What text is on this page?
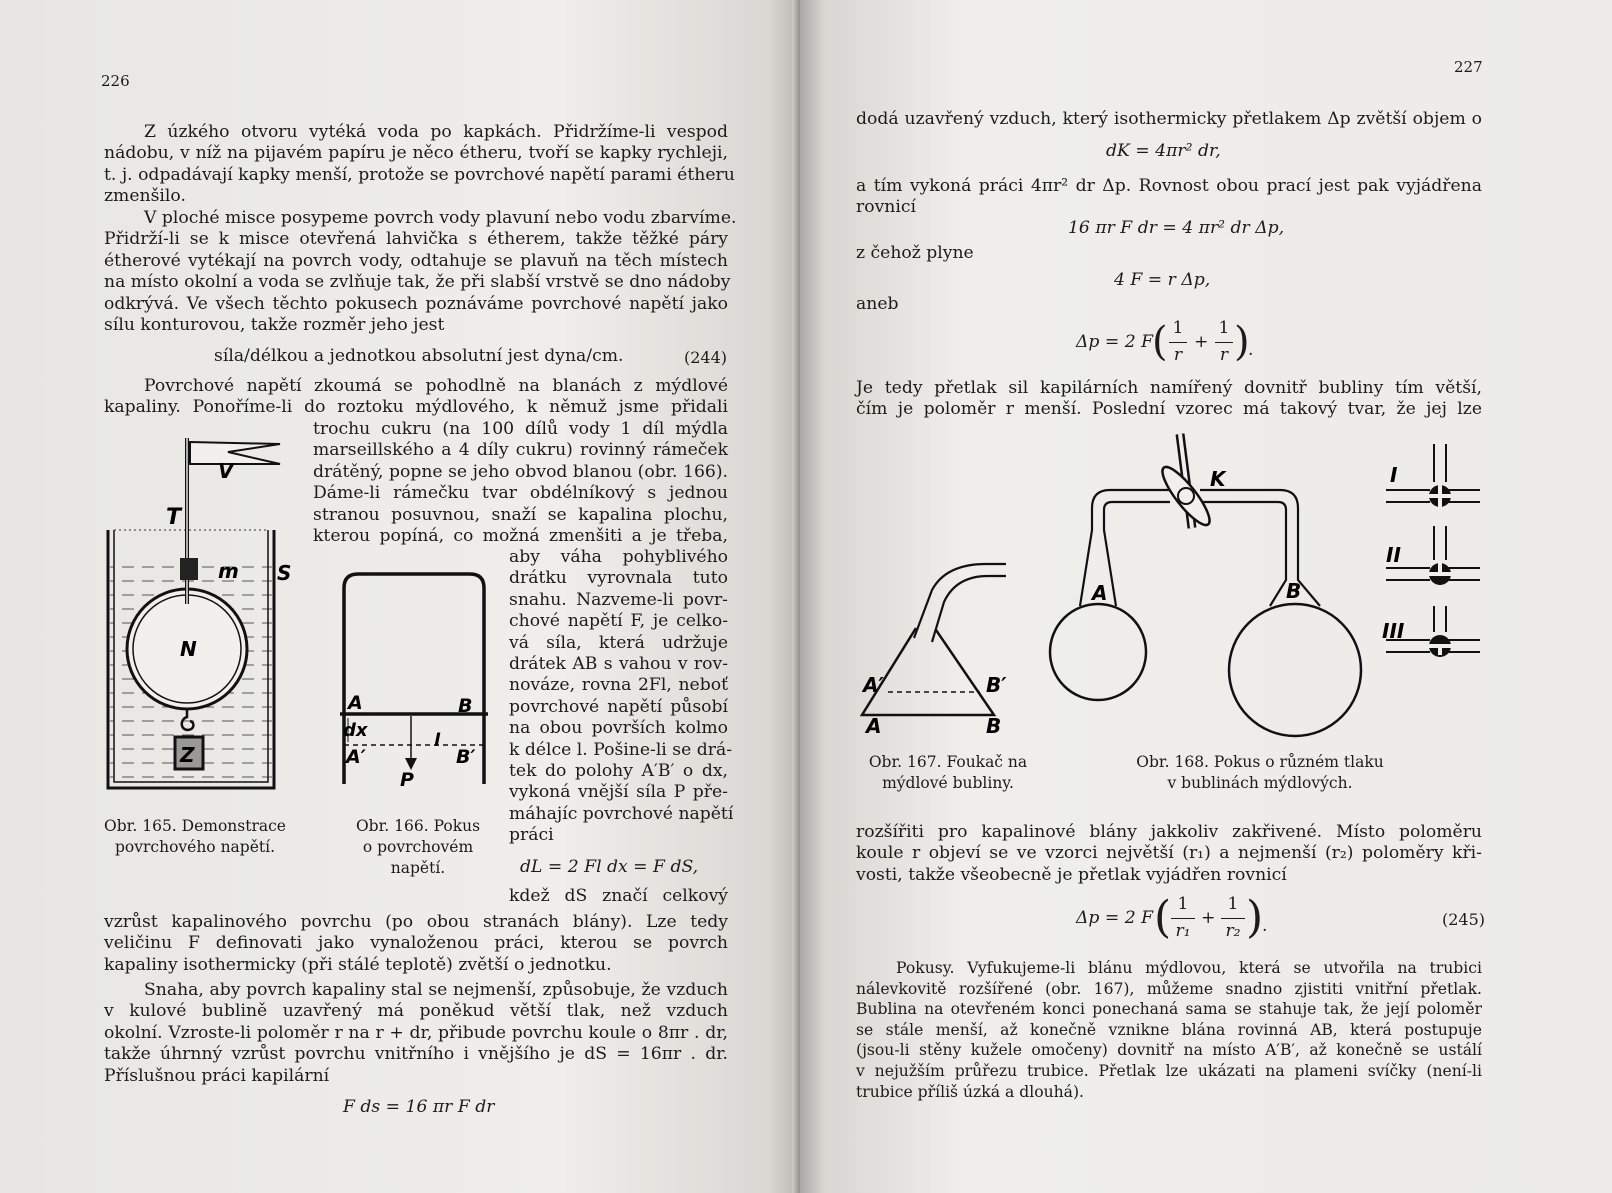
226
Z úzkého otvoru vytéká voda po kapkách. Přidržíme-li vespod
nádobu, v níž na pijavém papíru je něco étheru, tvoří se kapky rychleji,
t. j. odpadávají kapky menší, protože se povrchové napětí parami étheru
zmenšilo.
V ploché misce posypeme povrch vody plavuní nebo vodu zbarvíme.
Přidrží-li se k misce otevřená lahvička s étherem, takže těžké páry
étherové vytékají na povrch vody, odtahuje se plavuň na těch místech
na místo okolní a voda se zvlňuje tak, že při slabší vrstvě se dno nádoby
odkrývá. Ve všech těchto pokusech poznáváme povrchové napětí jako
sílu konturovou, takže rozměr jeho jest
síla/délkou a jednotkou absolutní jest dyna/cm.	(244)
Povrchové napětí zkoumá se pohodlně na blanách z mýdlové
kapaliny. Ponoříme-li do roztoku mýdlového, k němuž jsme přidali
trochu cukru (na 100 dílů vody 1 díl mýdla
marseillského a 4 díly cukru) rovinný rámeček
drátěný, popne se jeho obvod blanou (obr. 166).
Dáme-li rámečku tvar obdélníkový s jednou
stranou posuvnou, snaží se kapalina plochu,
kterou popíná, co možná zmenšiti a je třeba,
aby váha pohyblivého
drátku vyrovnala tuto
snahu. Nazveme-li povr-
chové napětí F, je celko-
vá síla, která udržuje
drátek AB s vahou v rov-
nováze, rovna 2Fl, neboť
povrchové napětí působí
na obou površích kolmo
k délce l. Pošine-li se drá-
tek do polohy A′B′ o dx,
vykoná vnější síla P pře-
máhajíc povrchové napětí
práci
dL = 2 Fl dx = F dS,
kdež dS značí celkový
vzrůst kapalinového povrchu (po obou stranách blány). Lze tedy
veličinu F definovati jako vynaloženou práci, kterou se povrch
kapaliny isothermicky (při stálé teplotě) zvětší o jednotku.
Snaha, aby povrch kapaliny stal se nejmenší, způsobuje, že vzduch
v kulové bublině uzavřený má poněkud větší tlak, než vzduch
okolní. Vzroste-li poloměr r na r + dr, přibude povrchu koule o 8πr . dr,
takže úhrnný vzrůst povrchu vnitřního i vnějšího je dS = 16πr . dr.
Příslušnou práci kapilární
F ds = 16 πr F dr
T
V
S
m
N
Z
Obr. 165. Demonstrace
povrchového napětí.
A	B
dx	l
A′	B′
P
Obr. 166. Pokus
o povrchovém
napětí.
227
dodá uzavřený vzduch, který isothermicky přetlakem Δp zvětší objem o
dK = 4πr² dr,
a tím vykoná práci 4πr² dr Δp. Rovnost obou prací jest pak vyjádřena
rovnicí
16 πr F dr = 4 πr² dr Δp,
z čehož plyne
4 F = r Δp,
aneb
Δp = 2 F
( 1
r
+
1
r )
.
Je tedy přetlak sil kapilárních namířený dovnitř bubliny tím větší,
čím je poloměr r menší. Poslední vzorec má takový tvar, že jej lze
A′	B′
A	B
Obr. 167. Foukač na
mýdlové bubliny.
K
A	B
I
II
III
Obr. 168. Pokus o různém tlaku
v bublinách mýdlových.
rozšířiti pro kapalinové blány jakkoliv zakřivené. Místo poloměru
koule r objeví se ve vzorci největší (r₁) a nejmenší (r₂) poloměry kři-
vosti, takže všeobecně je přetlak vyjádřen rovnicí
Δp = 2 F ( 1
r₁
+
1
r₂ )
.	(245)
Pokusy. Vyfukujeme-li blánu mýdlovou, která se utvořila na trubici
nálevkovitě rozšířené (obr. 167), můžeme snadno zjistiti vnitřní přetlak.
Bublina na otevřeném konci ponechaná sama se stahuje tak, že její poloměr
se stále menší, až konečně vznikne blána rovinná AB, která postupuje
(jsou-li stěny kužele omočeny) dovnitř na místo A′B′, až konečně se ustálí
v nejužším průřezu trubice. Přetlak lze ukázati na plameni svíčky (není-li
trubice příliš úzká a dlouhá).
